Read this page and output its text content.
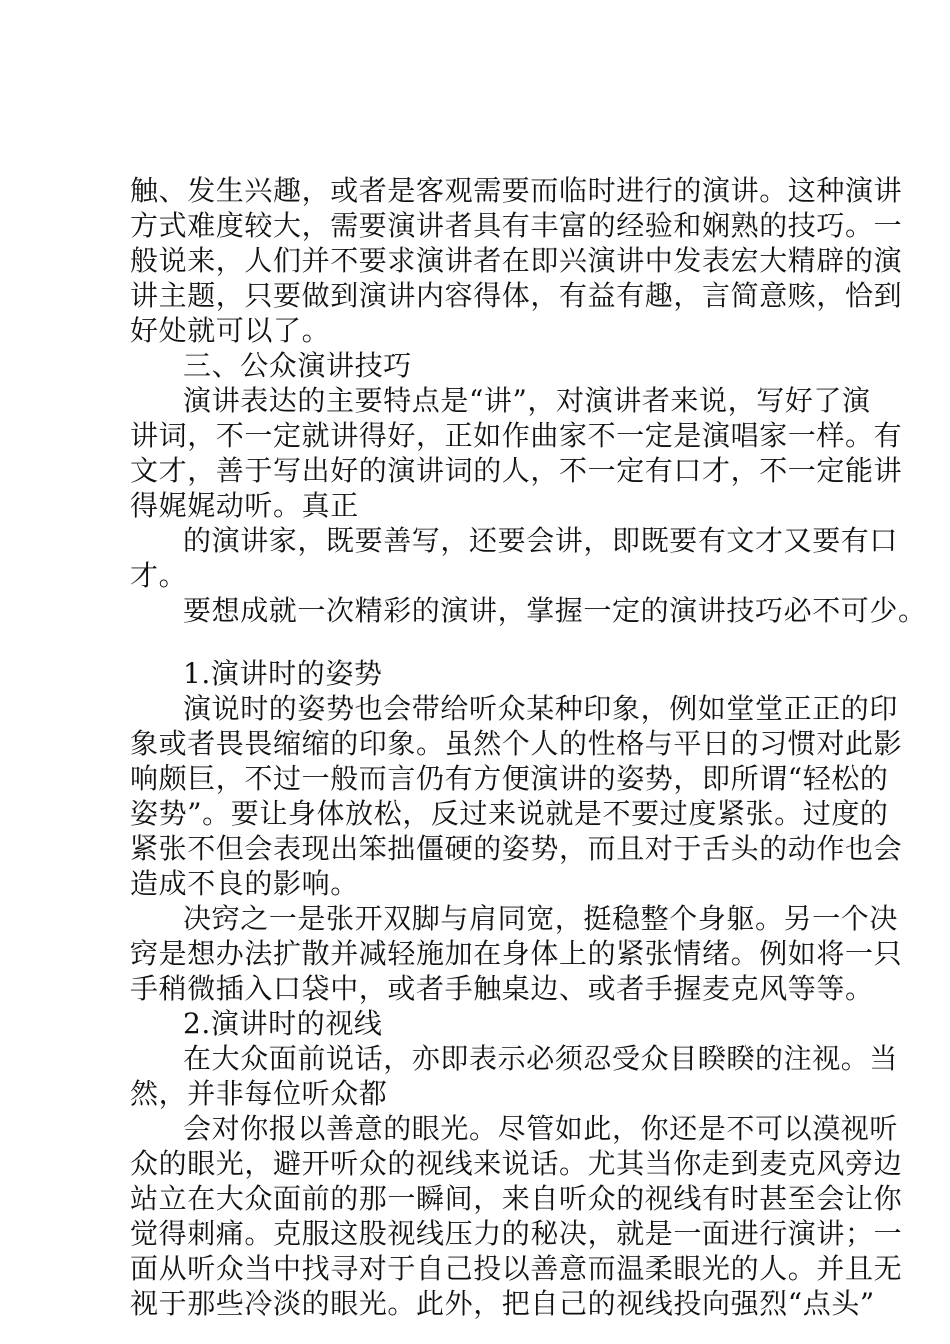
触、发生兴趣，或者是客观需要而临时进行的演讲。这种演讲
方式难度较大，需要演讲者具有丰富的经验和娴熟的技巧。一
般说来，人们并不要求演讲者在即兴演讲中发表宏大精辟的演
讲主题，只要做到演讲内容得体，有益有趣，言简意赅，恰到
好处就可以了。
三、公众演讲技巧
演讲表达的主要特点是“讲”，对演讲者来说，写好了演
讲词，不一定就讲得好，正如作曲家不一定是演唱家一样。有
文才，善于写出好的演讲词的人，不一定有口才，不一定能讲
得娓娓动听。真正
的演讲家，既要善写，还要会讲，即既要有文才又要有口
才。
要想成就一次精彩的演讲，掌握一定的演讲技巧必不可少。
1.演讲时的姿势
演说时的姿势也会带给听众某种印象，例如堂堂正正的印
象或者畏畏缩缩的印象。虽然个人的性格与平日的习惯对此影
响颇巨，不过一般而言仍有方便演讲的姿势，即所谓“轻松的
姿势”。要让身体放松，反过来说就是不要过度紧张。过度的
紧张不但会表现出笨拙僵硬的姿势，而且对于舌头的动作也会
造成不良的影响。
决窍之一是张开双脚与肩同宽，挺稳整个身躯。另一个决
窍是想办法扩散并减轻施加在身体上的紧张情绪。例如将一只
手稍微插入口袋中，或者手触桌边、或者手握麦克风等等。
2.演讲时的视线
在大众面前说话，亦即表示必须忍受众目睽睽的注视。当
然，并非每位听众都
会对你报以善意的眼光。尽管如此，你还是不可以漠视听
众的眼光，避开听众的视线来说话。尤其当你走到麦克风旁边
站立在大众面前的那一瞬间，来自听众的视线有时甚至会让你
觉得刺痛。克服这股视线压力的秘决，就是一面进行演讲；一
面从听众当中找寻对于自己投以善意而温柔眼光的人。并且无
视于那些冷淡的眼光。此外，把自己的视线投向强烈“点头”
